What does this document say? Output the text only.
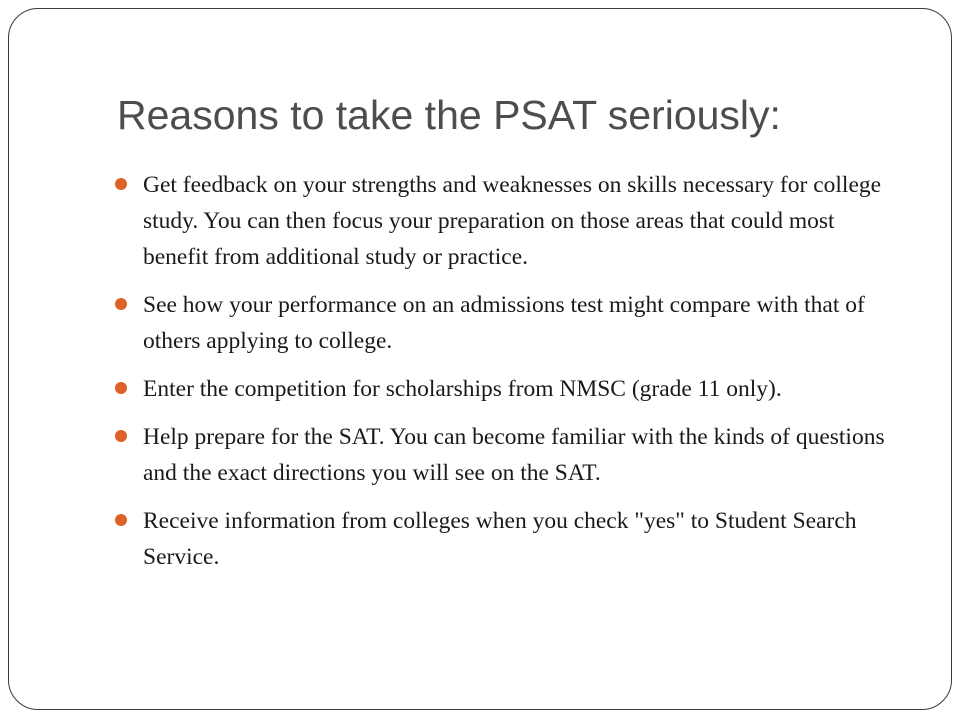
Reasons to take the PSAT seriously:
Get feedback on your strengths and weaknesses on skills necessary for college study. You can then focus your preparation on those areas that could most benefit from additional study or practice.
See how your performance on an admissions test might compare with that of others applying to college.
Enter the competition for scholarships from NMSC (grade 11 only).
Help prepare for the SAT. You can become familiar with the kinds of questions and the exact directions you will see on the SAT.
Receive information from colleges when you check "yes" to Student Search Service.
